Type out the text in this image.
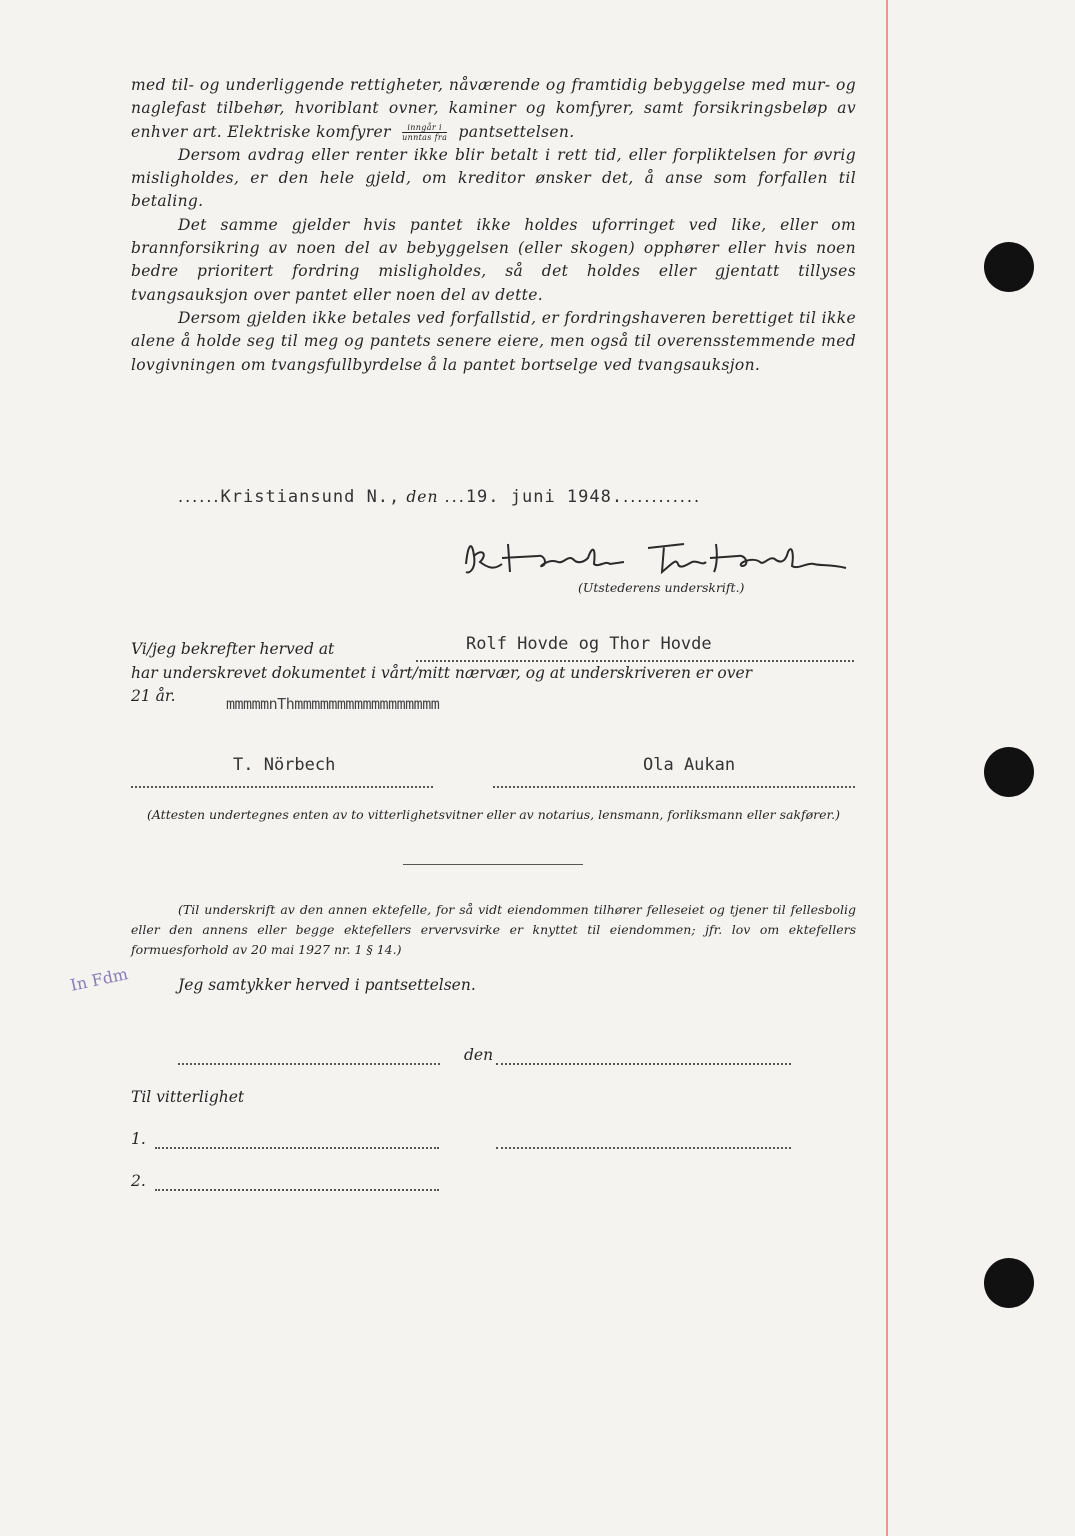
med til- og underliggende rettigheter, nåværende og framtidig bebyggelse med mur- og naglefast tilbehør, hvoriblant ovner, kaminer og komfyrer, samt forsikringsbeløp av enhver art. Elektriske komfyrer $\frac{\text{inngår i}}{\text{unntas fra}}$ pantsettelsen.

Dersom avdrag eller renter ikke blir betalt i rett tid, eller forpliktelsen for øvrig misligholdes, er den hele gjeld, om kreditor ønsker det, å anse som forfallen til betaling.

Det samme gjelder hvis pantet ikke holdes uforringet ved like, eller om brannforsikring av noen del av bebyggelsen (eller skogen) opphører eller hvis noen bedre prioritert fordring misligholdes, så det holdes eller gjentatt tillyses tvangsauksjon over pantet eller noen del av dette.

Dersom gjelden ikke betales ved forfallstid, er fordringshaveren berettiget til ikke alene å holde seg til meg og pantets senere eiere, men også til overensstemmende med lovgivningen om tvangsfullbyrdelse å la pantet bortselge ved tvangsauksjon.

......Kristiansund N., den ...19. juni 1948............
(Utstederens underskrift.)
Vi/jeg bekrefter herved at
har underskrevet dokumentet i vårt/mitt nærvær, og at underskriveren er over
21 år.
Rolf Hovde og Thor Hovde
mmmmmnThmmmmmmmmmmmmmmmmm
T. Nörbech	Ola Aukan
(Attesten undertegnes enten av to vitterlighetsvitner eller av notarius, lensmann, forliksmann eller sakfører.)

(Til underskrift av den annen ektefelle, for så vidt eiendommen tilhører felleseiet og tjener til fellesbolig eller den annens eller begge ektefellers ervervsvirke er knyttet til eiendommen; jfr. lov om ektefellers formuesforhold av 20 mai 1927 nr. 1 § 14.)

In Fdm	Jeg samtykker herved i pantsettelsen.
den
Til vitterlighet
1.
2.
